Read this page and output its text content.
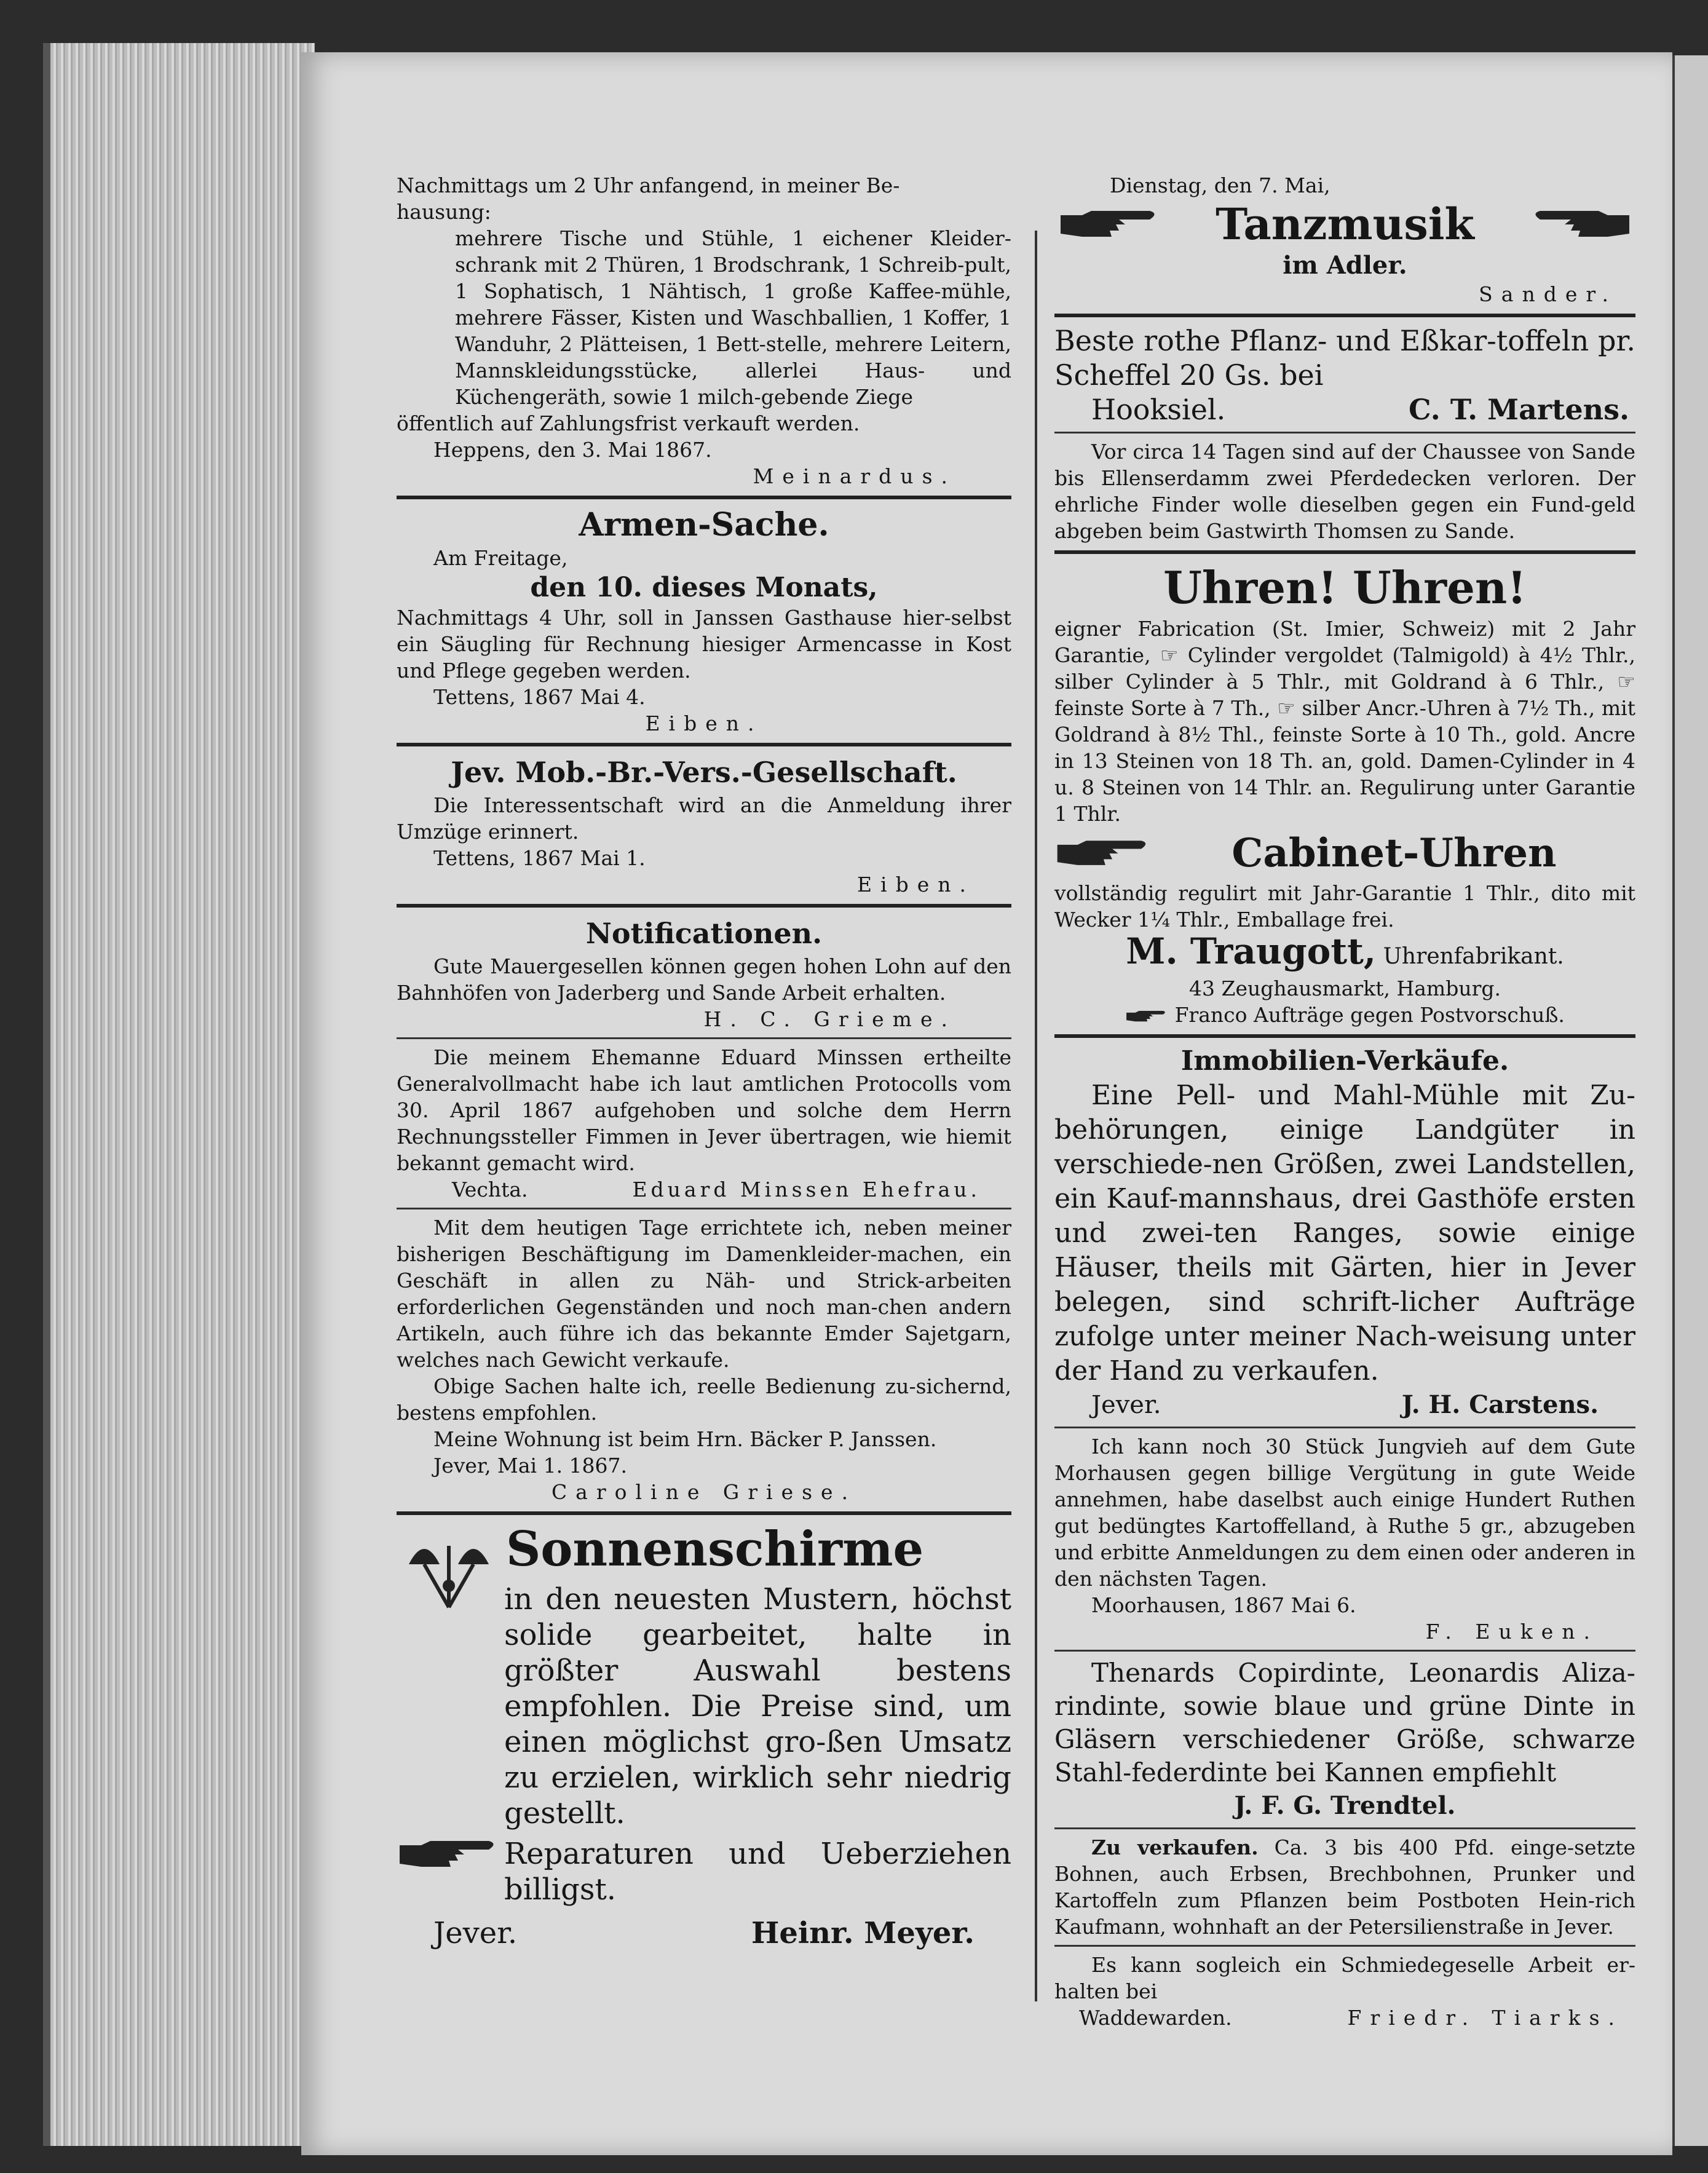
Nachmittags um 2 Uhr anfangend, in meiner Be-

hausung:

mehrere Tische und Stühle, 1 eichener Kleider-schrank mit 2 Thüren, 1 Brodschrank, 1 Schreib-pult, 1 Sophatisch, 1 Nähtisch, 1 große Kaffee-mühle, mehrere Fässer, Kisten und Waschballien, 1 Koffer, 1 Wanduhr, 2 Plätteisen, 1 Bett-stelle, mehrere Leitern, Mannskleidungsstücke, allerlei Haus- und Küchengeräth, sowie 1 milch-gebende Ziege

öffentlich auf Zahlungsfrist verkauft werden.

Heppens, den 3. Mai 1867.

Meinardus.

Armen-Sache.

Am Freitage,

den 10. dieses Monats,

Nachmittags 4 Uhr, soll in Janssen Gasthause hier-selbst ein Säugling für Rechnung hiesiger Armencasse in Kost und Pflege gegeben werden.

Tettens, 1867 Mai 4.

Eiben.

Jev. Mob.-Br.-Vers.-Gesellschaft.

Die Interessentschaft wird an die Anmeldung ihrer Umzüge erinnert.

Tettens, 1867 Mai 1.

Eiben.

Notificationen.

Gute Mauergesellen können gegen hohen Lohn auf den Bahnhöfen von Jaderberg und Sande Arbeit erhalten.

H. C. Grieme.

Die meinem Ehemanne Eduard Minssen ertheilte Generalvollmacht habe ich laut amtlichen Protocolls vom 30. April 1867 aufgehoben und solche dem Herrn Rechnungssteller Fimmen in Jever übertragen, wie hiemit bekannt gemacht wird.

Vechta.	Eduard Minssen Ehefrau.

Mit dem heutigen Tage errichtete ich, neben meiner bisherigen Beschäftigung im Damenkleider-machen, ein Geschäft in allen zu Näh- und Strick-arbeiten erforderlichen Gegenständen und noch man-chen andern Artikeln, auch führe ich das bekannte Emder Sajetgarn, welches nach Gewicht verkaufe.

Obige Sachen halte ich, reelle Bedienung zu-sichernd, bestens empfohlen.

Meine Wohnung ist beim Hrn. Bäcker P. Janssen.

Jever, Mai 1. 1867.

Caroline Griese.

Sonnenschirme

in den neuesten Mustern, höchst solide gearbeitet, halte in größter Auswahl bestens empfohlen. Die Preise sind, um einen möglichst gro-ßen Umsatz zu erzielen, wirklich sehr niedrig gestellt.

Reparaturen und Ueberziehen billigst.

Jever.	Heinr. Meyer.

Dienstag, den 7. Mai,

Tanzmusik

im Adler.

Sander.

Beste rothe Pflanz- und Eßkar-toffeln pr. Scheffel 20 Gs. bei

Hooksiel.	C. T. Martens.

Vor circa 14 Tagen sind auf der Chaussee von Sande bis Ellenserdamm zwei Pferdedecken verloren. Der ehrliche Finder wolle dieselben gegen ein Fund-geld abgeben beim Gastwirth Thomsen zu Sande.

Uhren! Uhren!

eigner Fabrication (St. Imier, Schweiz) mit 2 Jahr Garantie, ☞ Cylinder vergoldet (Talmigold) à 4½ Thlr., silber Cylinder à 5 Thlr., mit Goldrand à 6 Thlr., ☞ feinste Sorte à 7 Th., ☞ silber Ancr.-Uhren à 7½ Th., mit Goldrand à 8½ Thl., feinste Sorte à 10 Th., gold. Ancre in 13 Steinen von 18 Th. an, gold. Damen-Cylinder in 4 u. 8 Steinen von 14 Thlr. an. Regulirung unter Garantie 1 Thlr.

Cabinet-Uhren

vollständig regulirt mit Jahr-Garantie 1 Thlr., dito mit Wecker 1¼ Thlr., Emballage frei.

M. Traugott, Uhrenfabrikant.

43 Zeughausmarkt, Hamburg.

Franco Aufträge gegen Postvorschuß.

Immobilien-Verkäufe.

Eine Pell- und Mahl-Mühle mit Zu-behörungen, einige Landgüter in verschiede-nen Größen, zwei Landstellen, ein Kauf-mannshaus, drei Gasthöfe ersten und zwei-ten Ranges, sowie einige Häuser, theils mit Gärten, hier in Jever belegen, sind schrift-licher Aufträge zufolge unter meiner Nach-weisung unter der Hand zu verkaufen.

Jever.	J. H. Carstens.

Ich kann noch 30 Stück Jungvieh auf dem Gute Morhausen gegen billige Vergütung in gute Weide annehmen, habe daselbst auch einige Hundert Ruthen gut bedüngtes Kartoffelland, à Ruthe 5 gr., abzugeben und erbitte Anmeldungen zu dem einen oder anderen in den nächsten Tagen.

Moorhausen, 1867 Mai 6.

F. Euken.

Thenards Copirdinte, Leonardis Aliza-rindinte, sowie blaue und grüne Dinte in Gläsern verschiedener Größe, schwarze Stahl-federdinte bei Kannen empfiehlt

J. F. G. Trendtel.

Zu verkaufen. Ca. 3 bis 400 Pfd. einge-setzte Bohnen, auch Erbsen, Brechbohnen, Prunker und Kartoffeln zum Pflanzen beim Postboten Hein-rich Kaufmann, wohnhaft an der Petersilienstraße in Jever.

Es kann sogleich ein Schmiedegeselle Arbeit er-halten bei

Waddewarden.	Friedr. Tiarks.
